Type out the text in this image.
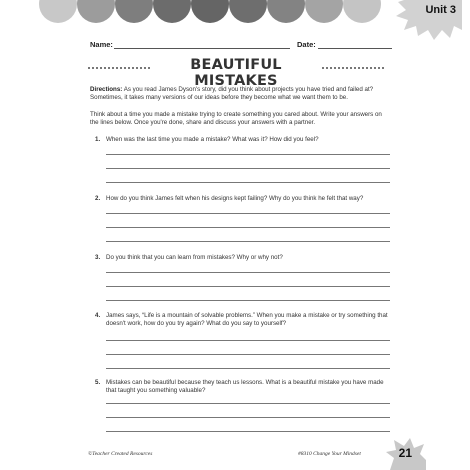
Unit 3
Name:	Date:
BEAUTIFUL MISTAKES
Directions: As you read James Dyson's story, did you think about projects you have tried and failed at? Sometimes, it takes many versions of our ideas before they become what we want them to be.
Think about a time you made a mistake trying to create something you cared about. Write your answers on the lines below. Once you're done, share and discuss your answers with a partner.
1. When was the last time you made a mistake? What was it? How did you feel?
2. How do you think James felt when his designs kept failing? Why do you think he felt that way?
3. Do you think that you can learn from mistakes? Why or why not?
4. James says, “Life is a mountain of solvable problems.” When you make a mistake or try something that doesn't work, how do you try again? What do you say to yourself?
5. Mistakes can be beautiful because they teach us lessons. What is a beautiful mistake you have made that taught you something valuable?
©Teacher Created Resources	#8310 Change Your Mindset	21
